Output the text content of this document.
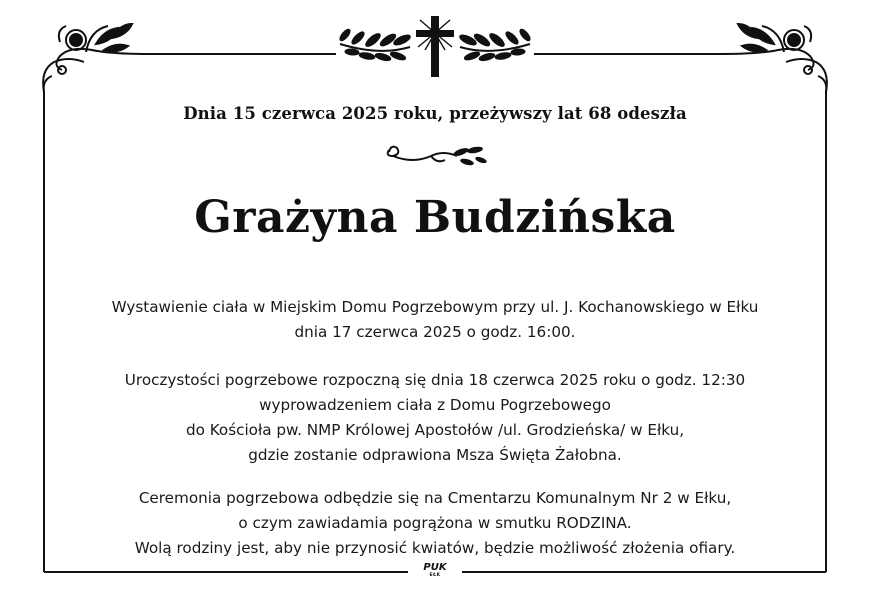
Dnia 15 czerwca 2025 roku, przeżywszy lat 68 odeszła
Grażyna Budzińska
Wystawienie ciała w Miejskim Domu Pogrzebowym przy ul. J. Kochanowskiego w Ełku
dnia 17 czerwca 2025 o godz. 16:00.
Uroczystości pogrzebowe rozpoczną się dnia 18 czerwca 2025 roku o godz. 12:30
wyprowadzeniem ciała z Domu Pogrzebowego
do Kościoła pw. NMP Królowej Apostołów /ul. Grodzieńska/ w Ełku,
gdzie zostanie odprawiona Msza Święta Żałobna.
Ceremonia pogrzebowa odbędzie się na Cmentarzu Komunalnym Nr 2 w Ełku,
o czym zawiadamia pogrążona w smutku RODZINA.
Wolą rodziny jest, aby nie przynosić kwiatów, będzie możliwość złożenia ofiary.
PUK
EŁK
